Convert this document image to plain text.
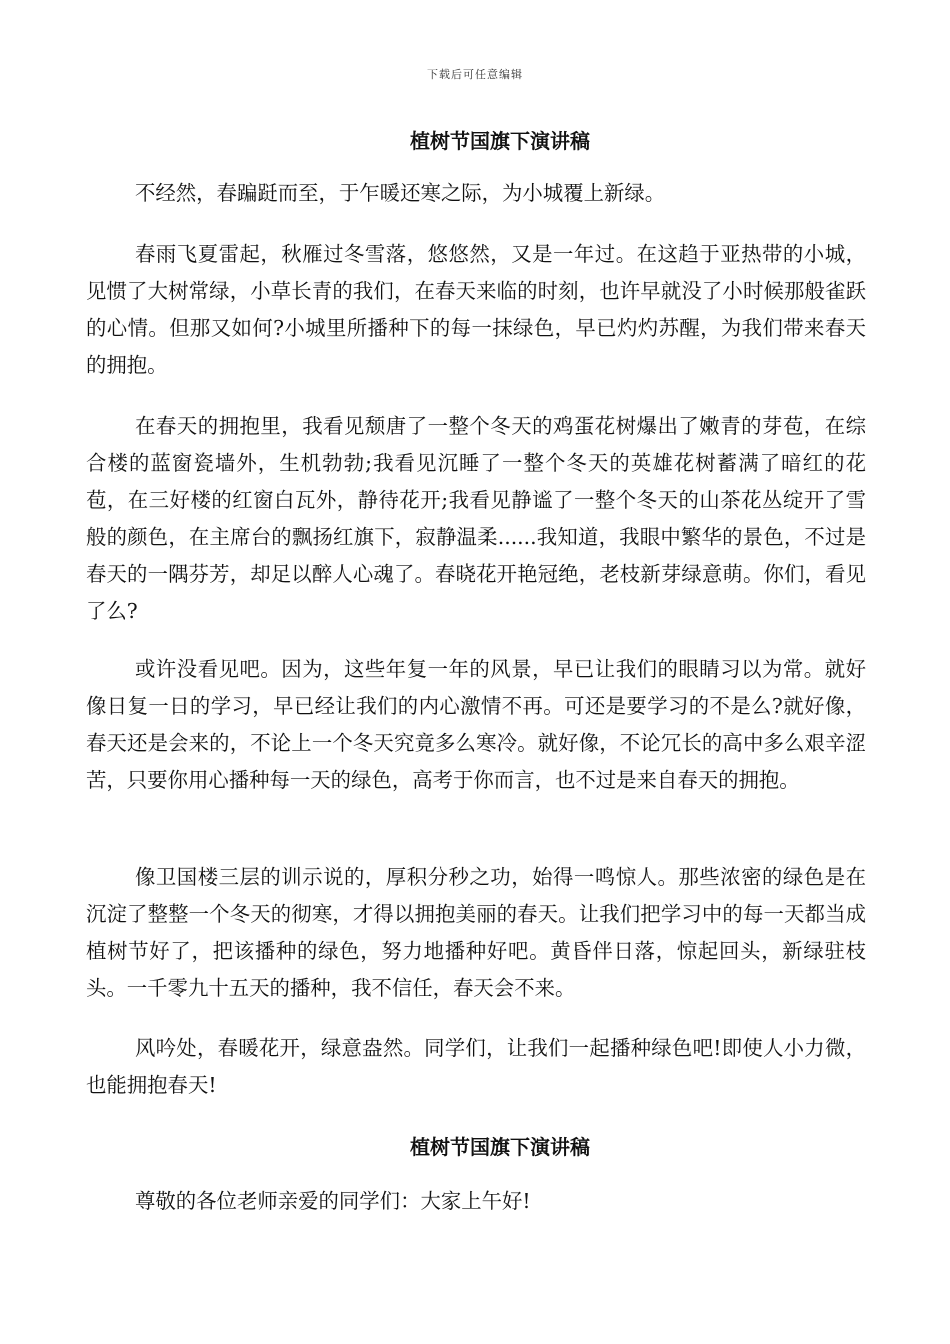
下载后可任意编辑
植树节国旗下演讲稿

不经然，春蹁跹而至，于乍暖还寒之际，为小城覆上新绿。

春雨飞夏雷起，秋雁过冬雪落，悠悠然，又是一年过。在这趋于亚热带的小城，见惯了大树常绿，小草长青的我们，在春天来临的时刻，也许早就没了小时候那般雀跃的心情。但那又如何?小城里所播种下的每一抹绿色，早已灼灼苏醒，为我们带来春天的拥抱。

在春天的拥抱里，我看见颓唐了一整个冬天的鸡蛋花树爆出了嫩青的芽苞，在综合楼的蓝窗瓷墙外，生机勃勃;我看见沉睡了一整个冬天的英雄花树蓄满了暗红的花苞，在三好楼的红窗白瓦外，静待花开;我看见静谧了一整个冬天的山茶花丛绽开了雪般的颜色，在主席台的飘扬红旗下，寂静温柔......我知道，我眼中繁华的景色，不过是春天的一隅芬芳，却足以醉人心魂了。春晓花开艳冠绝，老枝新芽绿意萌。你们，看见了么?

或许没看见吧。因为，这些年复一年的风景，早已让我们的眼睛习以为常。就好像日复一日的学习，早已经让我们的内心激情不再。可还是要学习的不是么?就好像，春天还是会来的，不论上一个冬天究竟多么寒冷。就好像，不论冗长的高中多么艰辛涩苦，只要你用心播种每一天的绿色，高考于你而言，也不过是来自春天的拥抱。

像卫国楼三层的训示说的，厚积分秒之功，始得一鸣惊人。那些浓密的绿色是在沉淀了整整一个冬天的彻寒，才得以拥抱美丽的春天。让我们把学习中的每一天都当成植树节好了，把该播种的绿色，努力地播种好吧。黄昏伴日落，惊起回头，新绿驻枝头。一千零九十五天的播种，我不信任，春天会不来。

风吟处，春暖花开，绿意盎然。同学们，让我们一起播种绿色吧!即使人小力微，也能拥抱春天!

植树节国旗下演讲稿

尊敬的各位老师亲爱的同学们：大家上午好!
